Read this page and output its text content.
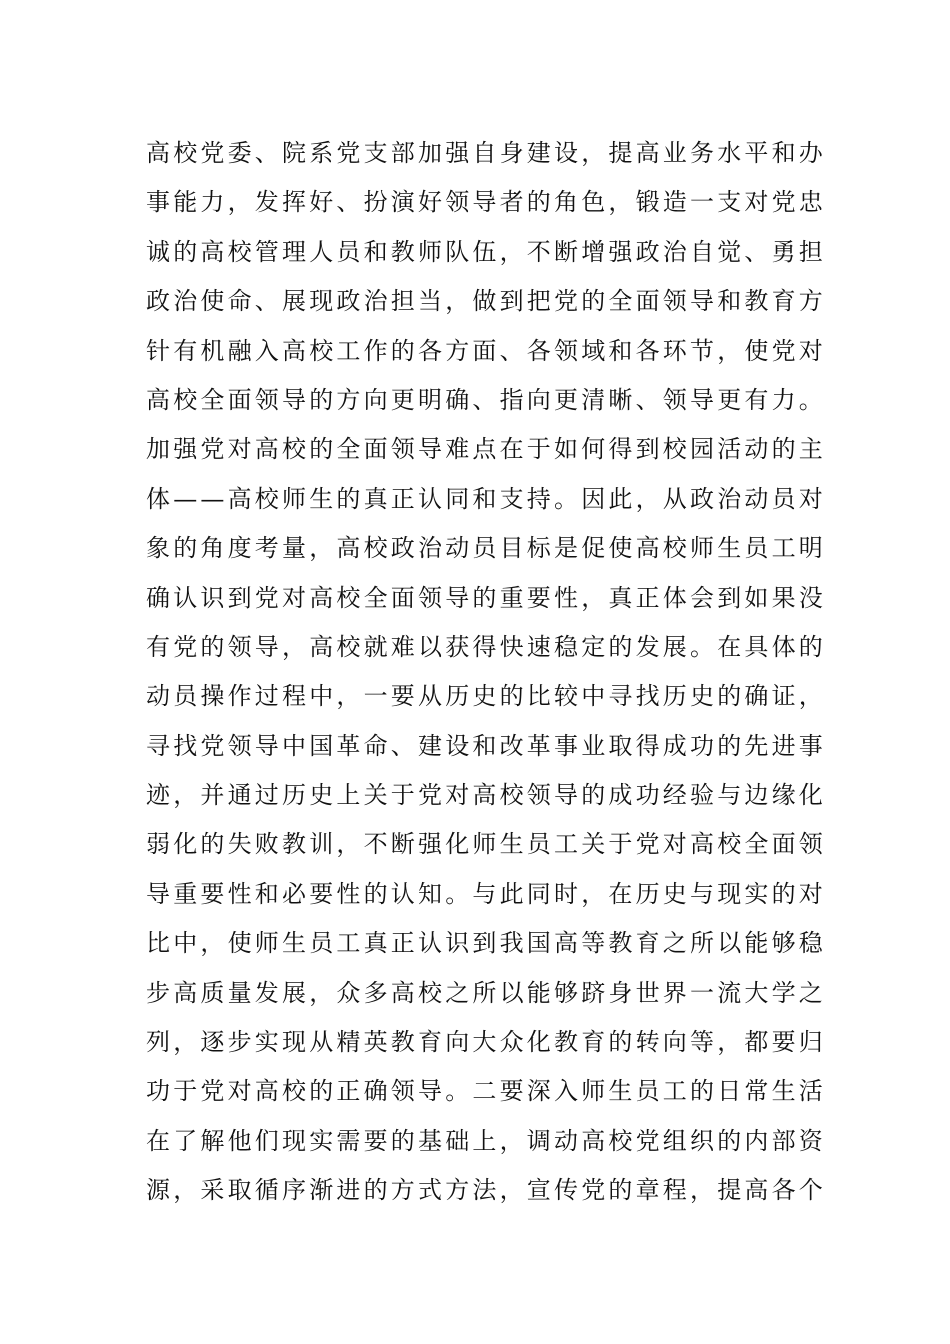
高校党委、院系党支部加强自身建设，提高业务水平和办
事能力，发挥好、扮演好领导者的角色，锻造一支对党忠
诚的高校管理人员和教师队伍，不断增强政治自觉、勇担
政治使命、展现政治担当，做到把党的全面领导和教育方
针有机融入高校工作的各方面、各领域和各环节，使党对
高校全面领导的方向更明确、指向更清晰、领导更有力。
加强党对高校的全面领导难点在于如何得到校园活动的主
体——高校师生的真正认同和支持。因此，从政治动员对
象的角度考量，高校政治动员目标是促使高校师生员工明
确认识到党对高校全面领导的重要性，真正体会到如果没
有党的领导，高校就难以获得快速稳定的发展。在具体的
动员操作过程中，一要从历史的比较中寻找历史的确证，
寻找党领导中国革命、建设和改革事业取得成功的先进事
迹，并通过历史上关于党对高校领导的成功经验与边缘化
弱化的失败教训，不断强化师生员工关于党对高校全面领
导重要性和必要性的认知。与此同时，在历史与现实的对
比中，使师生员工真正认识到我国高等教育之所以能够稳
步高质量发展，众多高校之所以能够跻身世界一流大学之
列，逐步实现从精英教育向大众化教育的转向等，都要归
功于党对高校的正确领导。二要深入师生员工的日常生活
在了解他们现实需要的基础上，调动高校党组织的内部资
源，采取循序渐进的方式方法，宣传党的章程，提高各个
